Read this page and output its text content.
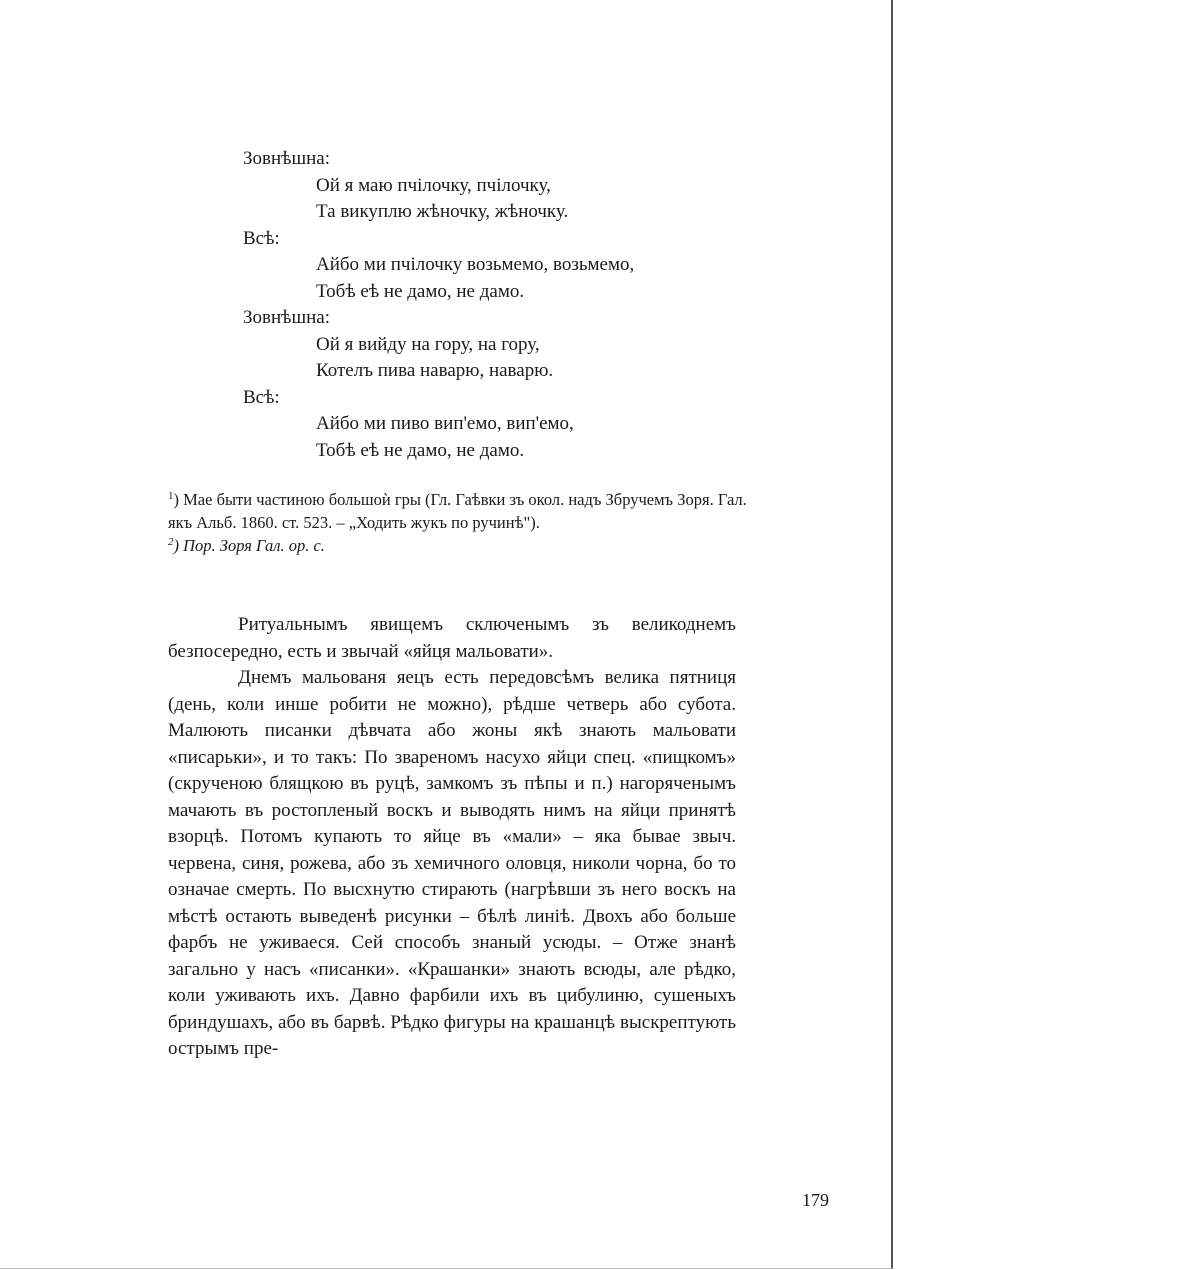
Зовнѣшна:

Ой я маю пчілочку, пчілочку,

Та викуплю жѣночку, жѣночку.

Всѣ:

Айбо ми пчілочку возьмемо, возьмемо,

Тобѣ еѣ не дамо, не дамо.

Зовнѣшна:

Ой я вийду на гору, на гору,

Котелъ пива наварю, наварю.

Всѣ:

Айбо ми пиво вип'емо, вип'емо,

Тобѣ еѣ не дамо, не дамо.

$^1$) Мае быти частиною большоѝ гры (Гл. Гаѣвки зъ окол. надъ Збручемъ Зоря. Гал. якъ Альб. 1860. ст. 523. – „Ходить жукъ по ручинѣ").

$^2$) Пор. Зоря Гал. ор. с.

Ритуальнымъ явищемъ сключенымъ зъ великоднемъ безпосередно, есть и звычай «яйця мальовати».

Днемъ мальованя яецъ есть передовсѣмъ велика пятниця (день, коли инше робити не можно), рѣдше четверь або субота. Малюють писанки дѣвчата або жоны якѣ знають мальовати «писарьки», и то такъ: По звареномъ насухо яйци спец. «пищкомъ» (скрученою блящкою въ руцѣ, замкомъ зъ пѣпы и п.) нагоряченымъ мачають въ ростопленый воскъ и выводять нимъ на яйци принятѣ взорцѣ. Потомъ купають то яйце въ «мали» – яка бывае звыч. червена, синя, рожева, або зъ хемичного оловця, николи чорна, бо то означае смерть. По высхнутю стирають (нагрѣвши зъ него воскъ на мѣстѣ остають выведенѣ рисунки – бѣлѣ линiѣ. Двохъ або больше фарбъ не уживаеся. Сей способъ знаный усюды. – Отже знанѣ загально у насъ «писанки». «Крашанки» знають всюды, але рѣдко, коли уживають ихъ. Давно фарбили ихъ въ цибулиню, сушеныхъ бриндушахъ, або въ барвѣ. Рѣдко фигуры на крашанцѣ выскрептують острымъ пре-

179
